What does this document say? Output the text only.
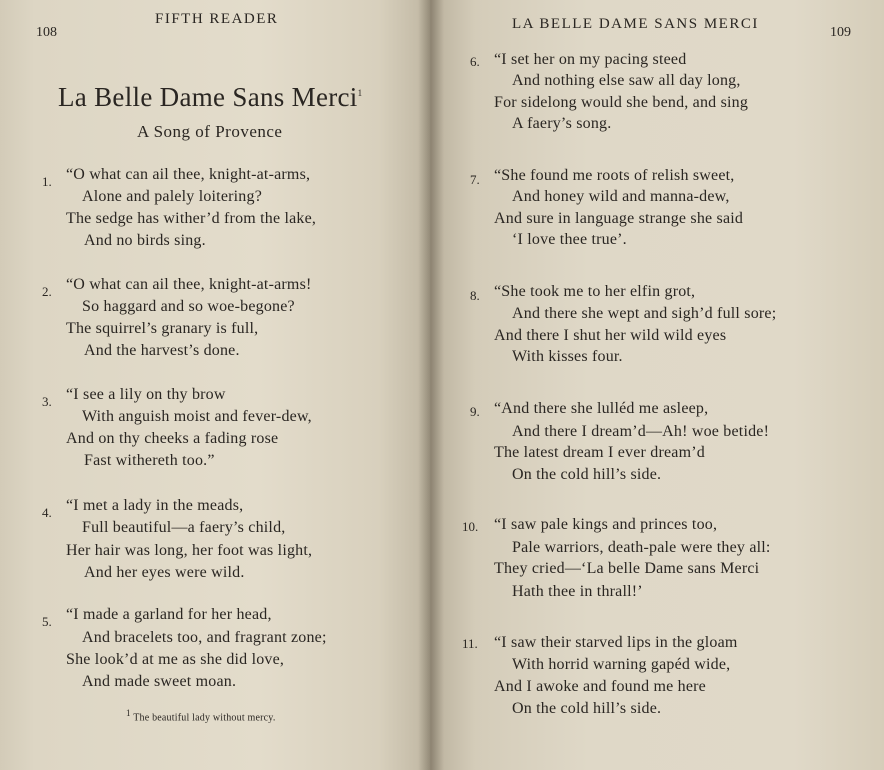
108
FIFTH READER
La Belle Dame Sans Merci$^1$
A Song of Provence
1. “O what can ail thee, knight-at-arms,
Alone and palely loitering?
The sedge has wither’d from the lake,
And no birds sing.
2. “O what can ail thee, knight-at-arms!
So haggard and so woe-begone?
The squirrel’s granary is full,
And the harvest’s done.
3. “I see a lily on thy brow
With anguish moist and fever-dew,
And on thy cheeks a fading rose
Fast withereth too.”
4. “I met a lady in the meads,
Full beautiful—a faery’s child,
Her hair was long, her foot was light,
And her eyes were wild.
5. “I made a garland for her head,
And bracelets too, and fragrant zone;
She look’d at me as she did love,
And made sweet moan.
$^1$ The beautiful lady without mercy.
LA BELLE DAME SANS MERCI
109
6. “I set her on my pacing steed
And nothing else saw all day long,
For sidelong would she bend, and sing
A faery’s song.
7. “She found me roots of relish sweet,
And honey wild and manna-dew,
And sure in language strange she said
‘I love thee true’.
8. “She took me to her elfin grot,
And there she wept and sigh’d full sore;
And there I shut her wild wild eyes
With kisses four.
9. “And there she lulléd me asleep,
And there I dream’d—Ah! woe betide!
The latest dream I ever dream’d
On the cold hill’s side.
10. “I saw pale kings and princes too,
Pale warriors, death-pale were they all:
They cried—‘La belle Dame sans Merci
Hath thee in thrall!’
11. “I saw their starved lips in the gloam
With horrid warning gapéd wide,
And I awoke and found me here
On the cold hill’s side.
